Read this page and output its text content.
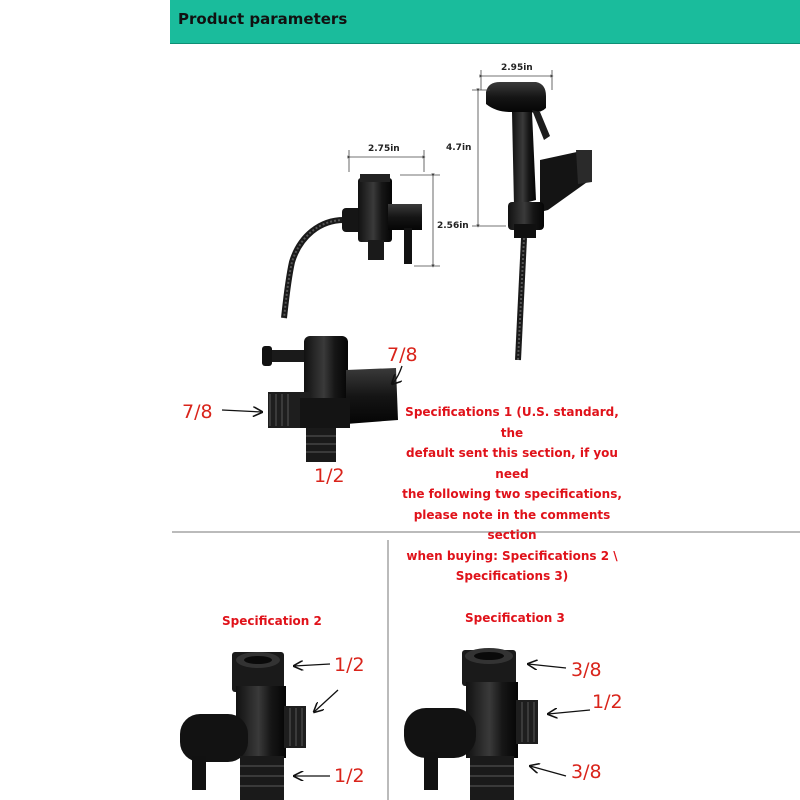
Product parameters
2.95in
4.7in
2.75in
2.56in
7/8
7/8
1/2
Specifications 1 (U.S. standard, the
default sent this section, if you need
the following two specifications,
please note in the comments section
when buying: Specifications 2 \
Specifications 3)
Specification 2
1/2
1/2
Specification 3
3/8
1/2
3/8
